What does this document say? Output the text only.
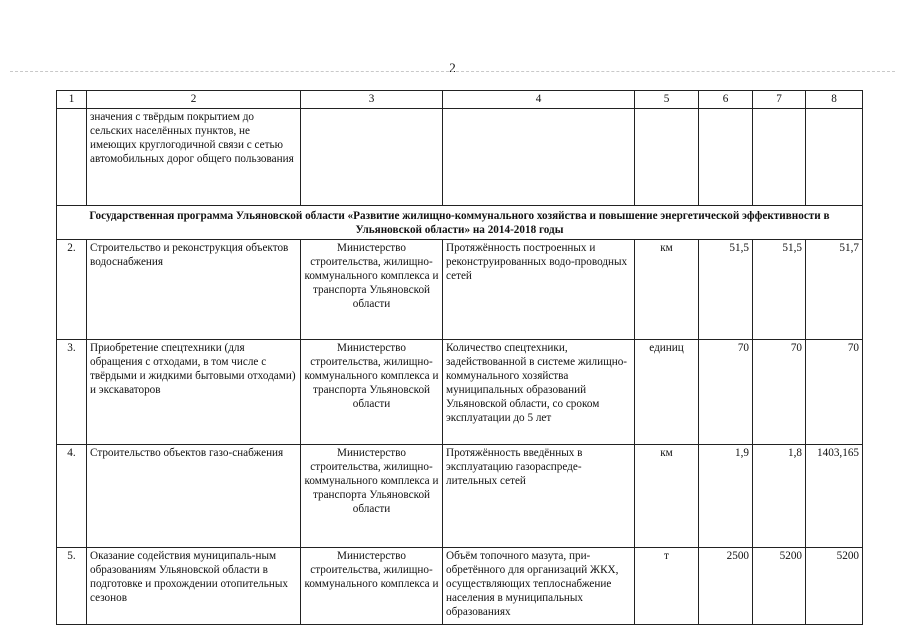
2
1	2	3	4	5	6	7	8
	значения с твёрдым покрытием до сельских населённых пунктов, не имеющих круглогодичной связи с сетью автомобильных дорог общего пользования						
Государственная программа Ульяновской области «Развитие жилищно-коммунального хозяйства и повышение энергетической эффективности в Ульяновской области» на 2014-2018 годы							
2.	Строительство и реконструкция объектов водоснабжения	Министерство строительства, жилищно-коммунального комплекса и транспорта Ульяновской области	Протяжённость построенных и реконструированных водо-проводных сетей	км	51,5	51,5	51,7
3.	Приобретение спецтехники (для обращения с отходами, в том числе с твёрдыми и жидкими бытовыми отходами) и экскаваторов	Министерство строительства, жилищно-коммунального комплекса и транспорта Ульяновской области	Количество спецтехники, задействованной в системе жилищно-коммунального хозяйства муниципальных образований Ульяновской области, со сроком эксплуатации до 5 лет	единиц	70	70	70
4.	Строительство объектов газо-снабжения	Министерство строительства, жилищно-коммунального комплекса и транспорта Ульяновской области	Протяжённость введённых в эксплуатацию газораспреде-лительных сетей	км	1,9	1,8	1403,165
5.	Оказание содействия муниципаль-ным образованиям Ульяновской области в подготовке и прохождении отопительных сезонов	Министерство строительства, жилищно-коммунального комплекса и	Объём топочного мазута, при-обретённого для организаций ЖКХ, осуществляющих теплоснабжение населения в муниципальных образованиях	т	2500	5200	5200
